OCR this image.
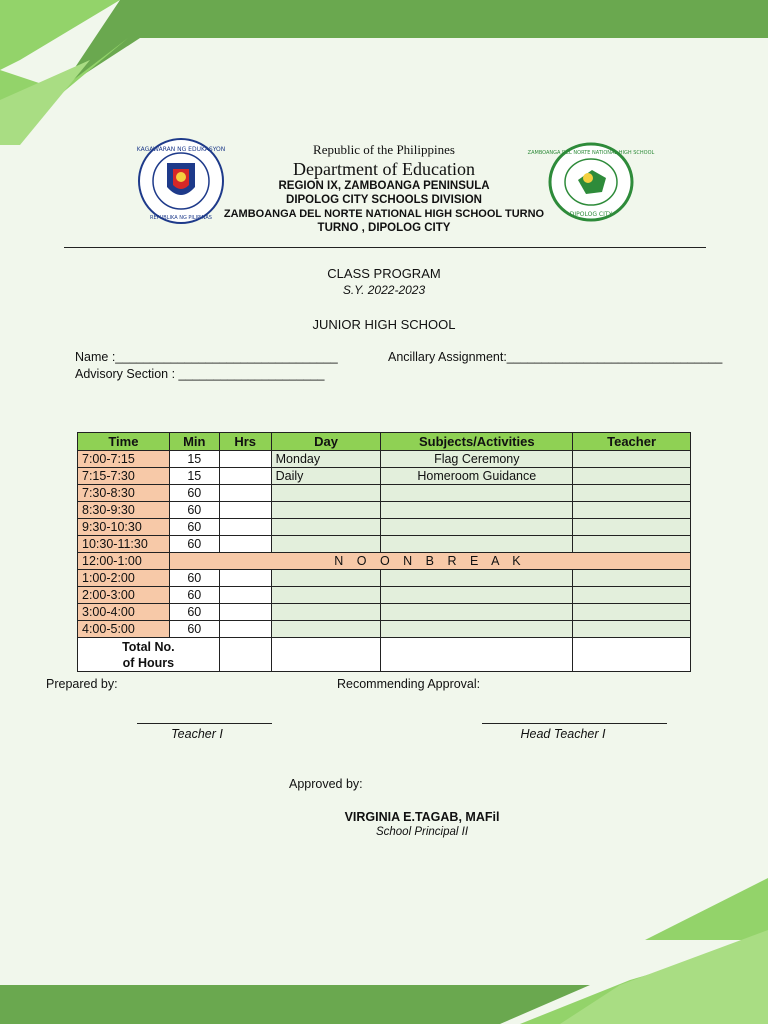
KAGAWARAN NG EDUKASYON
REPUBLIKA NG PILIPINAS
ZAMBOANGA DEL NORTE NATIONAL HIGH SCHOOL
DIPOLOG CITY
Republic of the Philippines
Department of Education
REGION IX, ZAMBOANGA PENINSULA
DIPOLOG CITY SCHOOLS DIVISION
ZAMBOANGA DEL NORTE NATIONAL HIGH SCHOOL TURNO
TURNO , DIPOLOG CITY
CLASS PROGRAM
S.Y. 2022-2023
JUNIOR HIGH SCHOOL
Name :________________________________	Ancillary Assignment:_______________________________
Advisory Section : _____________________
Time	Min	Hrs	Day	Subjects/Activities	Teacher
7:00-7:15	15		Monday	Flag Ceremony	
7:15-7:30	15		Daily	Homeroom Guidance	
7:30-8:30	60				
8:30-9:30	60				
9:30-10:30	60				
10:30-11:30	60				
12:00-1:00	N O O N B R E A K				
1:00-2:00	60				
2:00-3:00	60				
3:00-4:00	60				
4:00-5:00	60				

Total No.
of Hours					

Prepared by:	Recommending Approval:
Teacher I	Head Teacher I
Approved by:
VIRGINIA E.TAGAB, MAFil
School Principal II
